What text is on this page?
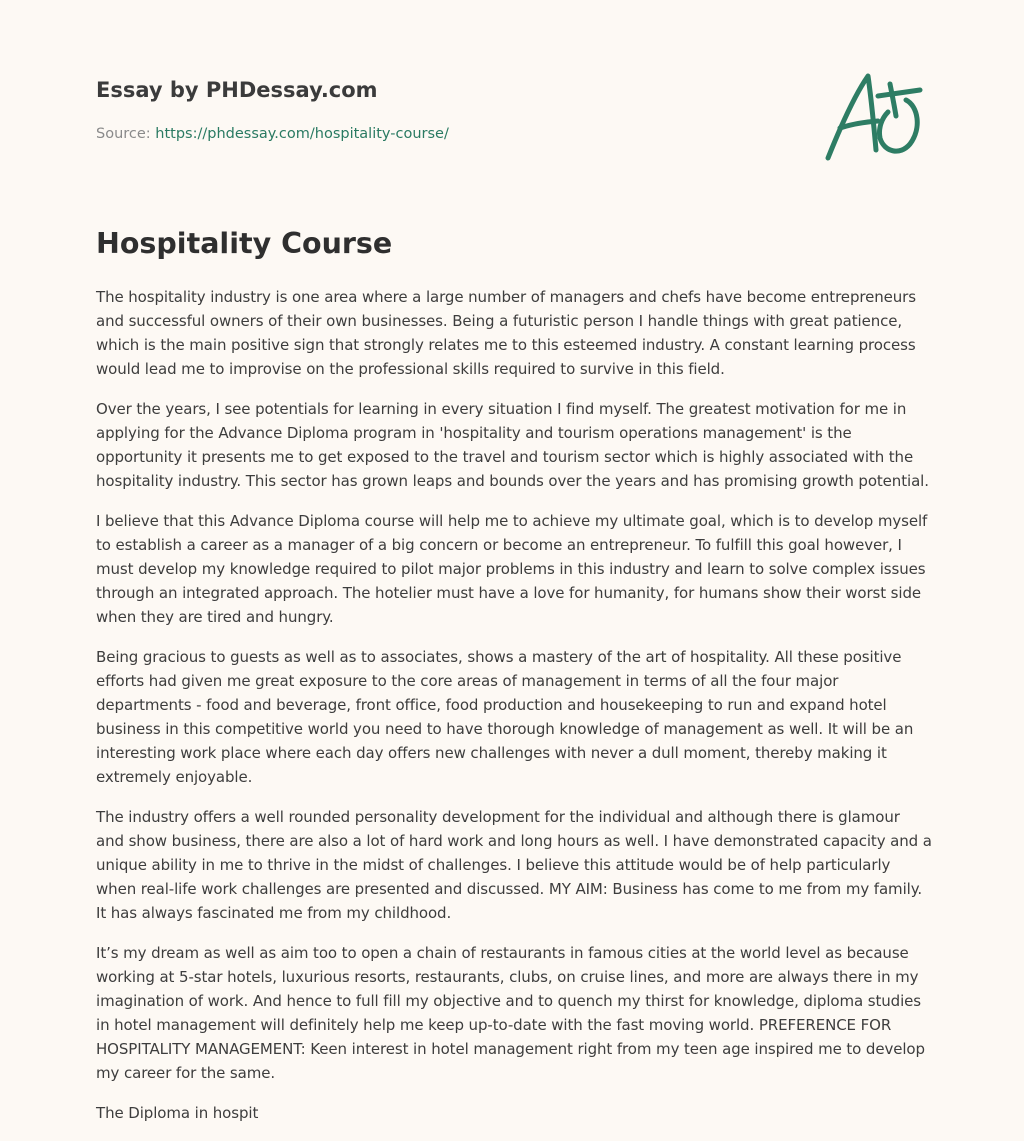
Essay by PHDessay.com
Source: https://phdessay.com/hospitality-course/
Hospitality Course

The hospitality industry is one area where a large number of managers and chefs have become entrepreneurs and successful owners of their own businesses. Being a futuristic person I handle things with great patience, which is the main positive sign that strongly relates me to this esteemed industry. A constant learning process would lead me to improvise on the professional skills required to survive in this field.

Over the years, I see potentials for learning in every situation I find myself. The greatest motivation for me in applying for the Advance Diploma program in 'hospitality and tourism operations management' is the opportunity it presents me to get exposed to the travel and tourism sector which is highly associated with the hospitality industry. This sector has grown leaps and bounds over the years and has promising growth potential.

I believe that this Advance Diploma course will help me to achieve my ultimate goal, which is to develop myself to establish a career as a manager of a big concern or become an entrepreneur. To fulfill this goal however, I must develop my knowledge required to pilot major problems in this industry and learn to solve complex issues through an integrated approach. The hotelier must have a love for humanity, for humans show their worst side when they are tired and hungry.

Being gracious to guests as well as to associates, shows a mastery of the art of hospitality. All these positive efforts had given me great exposure to the core areas of management in terms of all the four major departments - food and beverage, front office, food production and housekeeping to run and expand hotel business in this competitive world you need to have thorough knowledge of management as well. It will be an interesting work place where each day offers new challenges with never a dull moment, thereby making it extremely enjoyable.

The industry offers a well rounded personality development for the individual and although there is glamour and show business, there are also a lot of hard work and long hours as well. I have demonstrated capacity and a unique ability in me to thrive in the midst of challenges. I believe this attitude would be of help particularly when real-life work challenges are presented and discussed. MY AIM: Business has come to me from my family. It has always fascinated me from my childhood.

It’s my dream as well as aim too to open a chain of restaurants in famous cities at the world level as because working at 5-star hotels, luxurious resorts, restaurants, clubs, on cruise lines, and more are always there in my imagination of work. And hence to full fill my objective and to quench my thirst for knowledge, diploma studies in hotel management will definitely help me keep up-to-date with the fast moving world. PREFERENCE FOR HOSPITALITY MANAGEMENT: Keen interest in hotel management right from my teen age inspired me to develop my career for the same.

The Diploma in hospit
